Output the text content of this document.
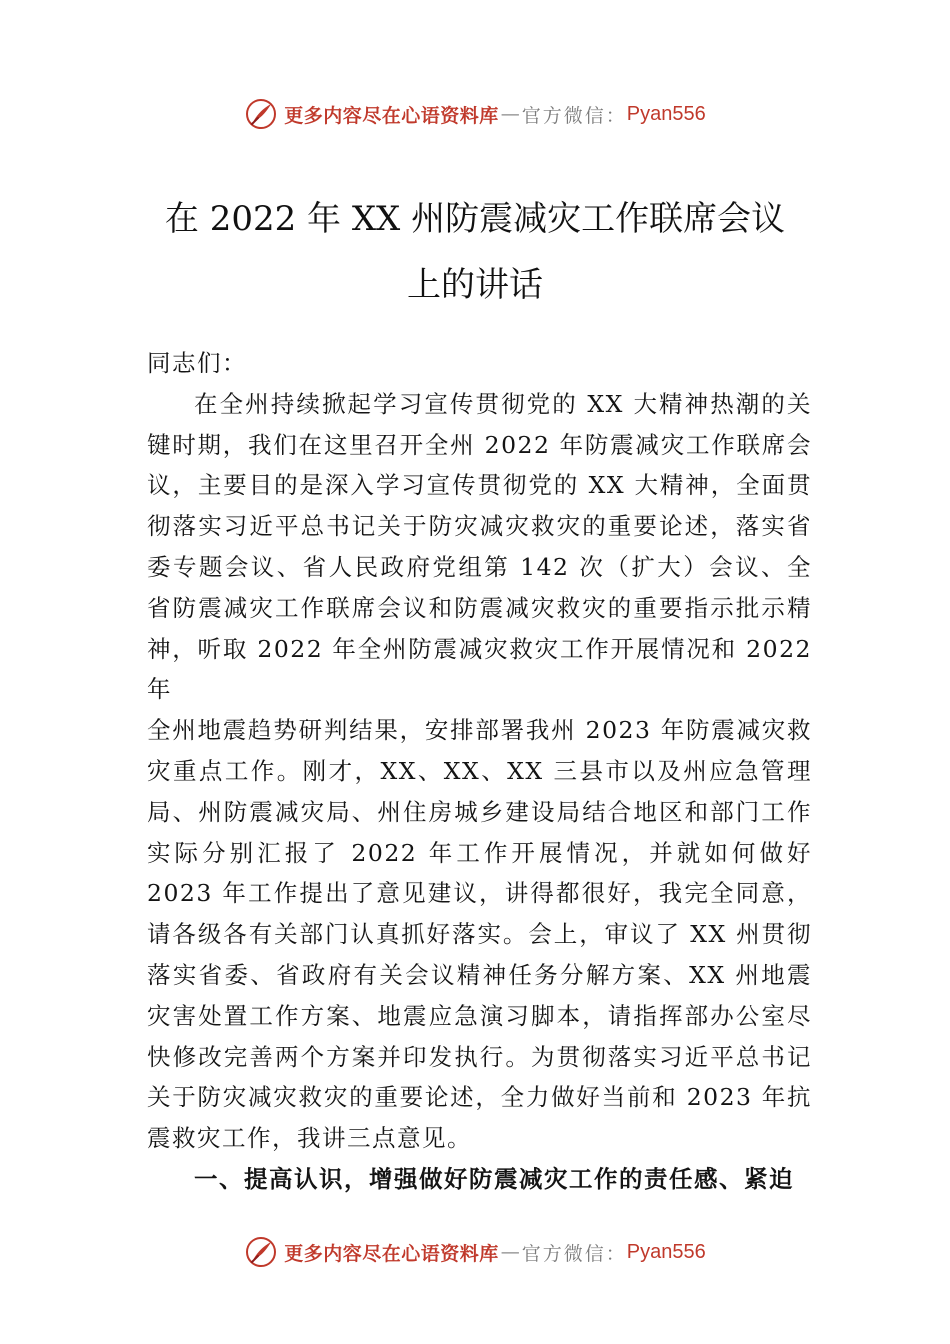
更多内容尽在心语资料库 — 官方微信： Pyan556
在 2022 年 XX 州防震减灾工作联席会议
上的讲话

同志们：

在全州持续掀起学习宣传贯彻党的 XX 大精神热潮的关键时期，我们在这里召开全州 2022 年防震减灾工作联席会议，主要目的是深入学习宣传贯彻党的 XX 大精神，全面贯彻落实习近平总书记关于防灾减灾救灾的重要论述，落实省委专题会议、省人民政府党组第 142 次（扩大）会议、全省防震减灾工作联席会议和防震减灾救灾的重要指示批示精神，听取 2022 年全州防震减灾救灾工作开展情况和 2022 年

全州地震趋势研判结果，安排部署我州 2023 年防震减灾救灾重点工作。刚才，XX、XX、XX 三县市以及州应急管理局、州防震减灾局、州住房城乡建设局结合地区和部门工作实际分别汇报了 2022 年工作开展情况，并就如何做好 2023 年工作提出了意见建议，讲得都很好，我完全同意，请各级各有关部门认真抓好落实。会上，审议了 XX 州贯彻落实省委、省政府有关会议精神任务分解方案、XX 州地震灾害处置工作方案、地震应急演习脚本，请指挥部办公室尽快修改完善两个方案并印发执行。为贯彻落实习近平总书记关于防灾减灾救灾的重要论述，全力做好当前和 2023 年抗震救灾工作，我讲三点意见。

一、提高认识，增强做好防震减灾工作的责任感、紧迫

更多内容尽在心语资料库 — 官方微信： Pyan556
